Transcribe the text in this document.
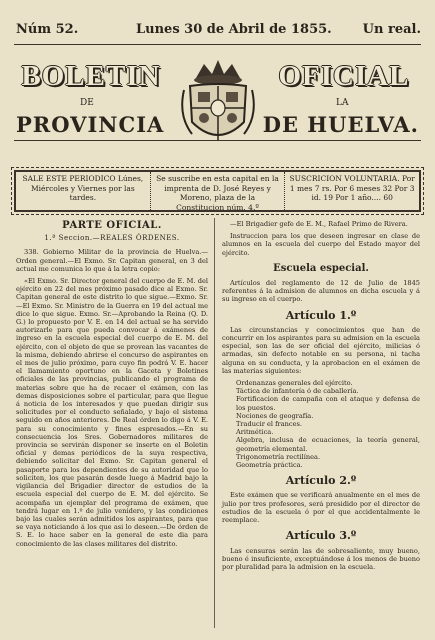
Núm 52.	Lunes 30 de Abril de 1855. Un real.
BOLETIN	OFICIAL
DE	LA
PROVINCIA	DE HUELVA.
SALE ESTE PERIODICO Lúnes, Miércoles y Viernes por las tardes.
Se suscribe en esta capital en la imprenta de D. José Reyes y Moreno, plaza de la Constitucion núm. 4.º
SUSCRICION VOLUNTARIA. Por 1 mes 7 rs. Por 6 meses 32 Por 3 id. 19 Por 1 año.... 60
PARTE OFICIAL.
1.ª Seccion.—REALES ÓRDENES.

338. Gobierno Militar de la provincia de Huelva.—Orden general.—El Exmo. Sr. Capitan general, en 3 del actual me comunica lo que á la letra copio:

«El Exmo. Sr. Director general del cuerpo de E. M. del ejército en 22 del mes próximo pasado dice al Exmo. Sr. Capitan general de este distrito lo que sigue.—Exmo. Sr.—El Exmo. Sr. Ministro de la Guerra en 19 del actual me dice lo que sigue. Exmo. Sr.—Aprobando la Reina (Q. D. G.) lo propuesto por V. E. en 14 del actual se ha servido autorizarle para que pueda convocar á exámenes de ingreso en la escuela especial del cuerpo de E. M. del ejército, con el objeto de que se provean las vacantes de la misma, debiendo abrirse el concurso de aspirantes en el mes de julio próximo, para cuyo fin podrá V. E. hacer el llamamiento oportuno en la Gaceta y Boletines oficiales de las provincias, publicando el programa de materias sobre que ha de recaer el exámen, con las demas disposiciones sobre el particular, para que llegue á noticia de los interesados y que puedan dirigir sus solicitudes por el conducto señalado, y bajo el sistema seguido en años anteriores. De Real órden lo digo á V. E. para su conocimiento y fines espresados.—En su consecuencia los Sres. Gobernadores militares de provincia se servirán disponer se inserte en el Boletin oficial y demas periódicos de la suya respectiva, debiendo solicitar del Exmo. Sr. Capitan general el pasaporte para los dependientes de su autoridad que lo soliciten, los que pasarán desde luego á Madrid bajo la vigilancia del Brigadier director de estudios de la escuela especial del cuerpo de E. M. del ejército. Se acompaña un ejemplar del programa de exámen, que tendrá lugar en 1.º de julio venidero, y las condiciones bajo las cuales serán admitidos los aspirantes, para que se vaya noticiando á los que asi lo deseen.—De órden de S. E. lo hace saber en la general de este dia para conocimiento de las clases militares del distrito.

—El Brigadier gefe de E. M., Rafael Primo de Rivera.

Instruccion para los que deseen ingresar en clase de alumnos en la escuela del cuerpo del Estado mayor del ejército.

Escuela especial.

Artículos del reglamento de 12 de Julio de 1845 referentes á la admision de alumnos en dicha escuela y á su ingreso en el cuerpo.

Artículo 1.º

Las circunstancias y conocimientos que han de concurrir en los aspirantes para su admision en la escuela especial, son las de ser oficial del ejército, milicias ó armadas, sin defecto notable en su persona, ni tacha alguna en su conducta, y la aprobacion en el exámen de las materias siguientes:

Ordenanzas generales del ejército.
Táctica de infantería ó de caballería.
Fortificacion de campaña con el ataque y defensa de los puestos.
Nociones de geografía.
Traducir el frances.
Aritmética.
Algebra, inclusa de ecuaciones, la teoría general, geometría elemental.
Trigonometría rectilínea.
Geometría práctica.
Artículo 2.º

Este exámen que se verificará anualmente en el mes de julio por tres profesores, será presidido por el director de estudios de la escuela ó por el que accidentalmente le reemplace.

Artículo 3.º

Las censuras serán las de sobresaliente, muy bueno, bueno é insuficiente, exceptuándose á los menos de bueno por pluralidad para la admision en la escuela.
